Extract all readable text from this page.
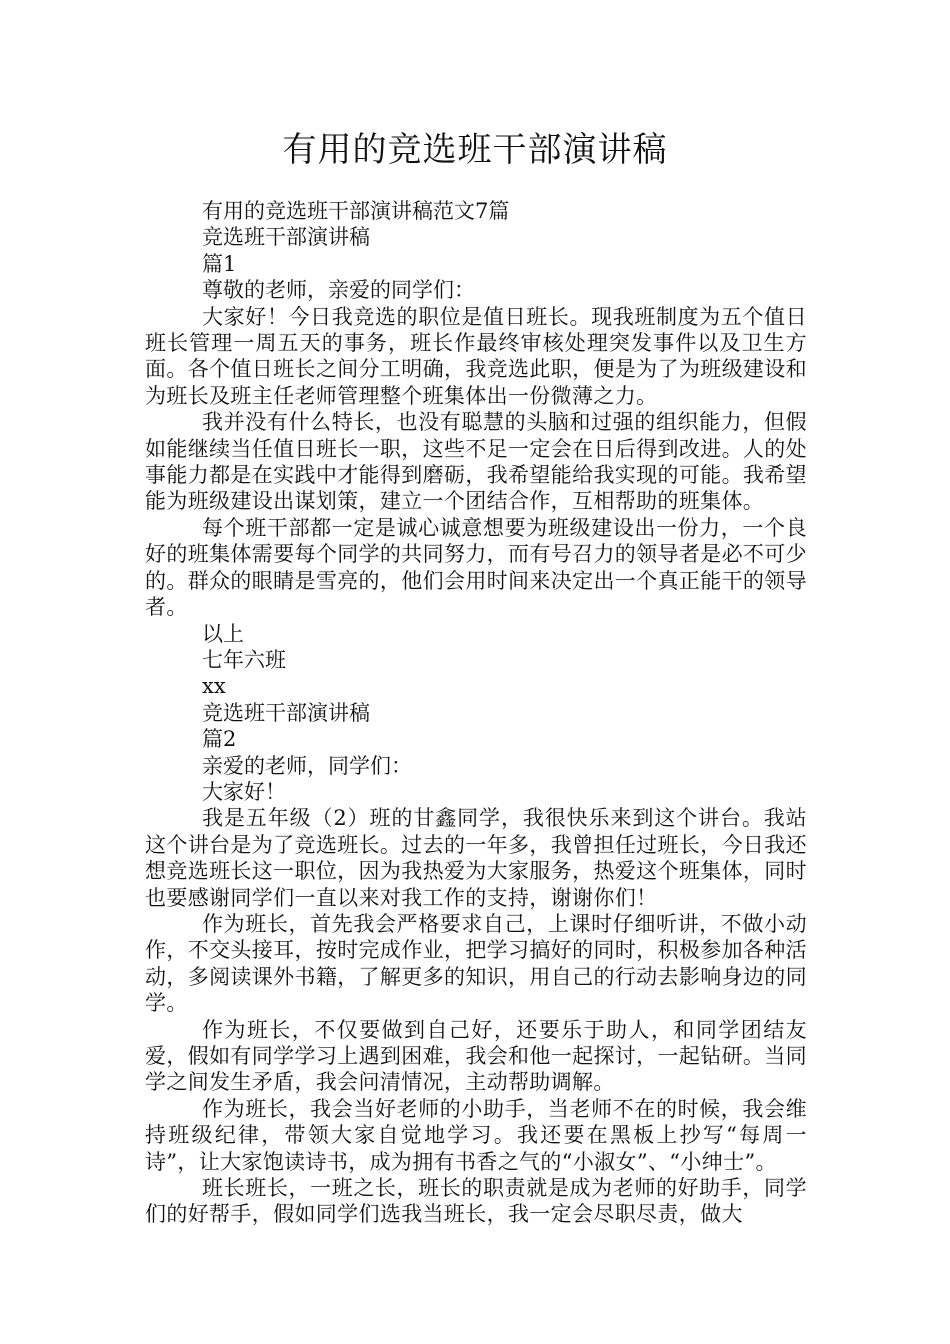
有用的竞选班干部演讲稿

有用的竞选班干部演讲稿范文7篇

竞选班干部演讲稿

篇1

尊敬的老师，亲爱的同学们：

大家好！今日我竞选的职位是值日班长。现我班制度为五个值日班长管理一周五天的事务，班长作最终审核处理突发事件以及卫生方面。各个值日班长之间分工明确，我竞选此职，便是为了为班级建设和为班长及班主任老师管理整个班集体出一份微薄之力。

我并没有什么特长，也没有聪慧的头脑和过强的组织能力，但假如能继续当任值日班长一职，这些不足一定会在日后得到改进。人的处事能力都是在实践中才能得到磨砺，我希望能给我实现的可能。我希望能为班级建设出谋划策，建立一个团结合作，互相帮助的班集体。

每个班干部都一定是诚心诚意想要为班级建设出一份力，一个良好的班集体需要每个同学的共同努力，而有号召力的领导者是必不可少的。群众的眼睛是雪亮的，他们会用时间来决定出一个真正能干的领导者。

以上

七年六班

xx

竞选班干部演讲稿

篇2

亲爱的老师，同学们：

大家好！

我是五年级（2）班的甘鑫同学，我很快乐来到这个讲台。我站这个讲台是为了竞选班长。过去的一年多，我曾担任过班长，今日我还想竞选班长这一职位，因为我热爱为大家服务，热爱这个班集体，同时也要感谢同学们一直以来对我工作的支持，谢谢你们！

作为班长，首先我会严格要求自己，上课时仔细听讲，不做小动作，不交头接耳，按时完成作业，把学习搞好的同时，积极参加各种活动，多阅读课外书籍，了解更多的知识，用自己的行动去影响身边的同学。

作为班长，不仅要做到自己好，还要乐于助人，和同学团结友爱，假如有同学学习上遇到困难，我会和他一起探讨，一起钻研。当同学之间发生矛盾，我会问清情况，主动帮助调解。

作为班长，我会当好老师的小助手，当老师不在的时候，我会维持班级纪律，带领大家自觉地学习。我还要在黑板上抄写“每周一诗”，让大家饱读诗书，成为拥有书香之气的“小淑女”、“小绅士”。

班长班长，一班之长，班长的职责就是成为老师的好助手，同学们的好帮手，假如同学们选我当班长，我一定会尽职尽责，做大
